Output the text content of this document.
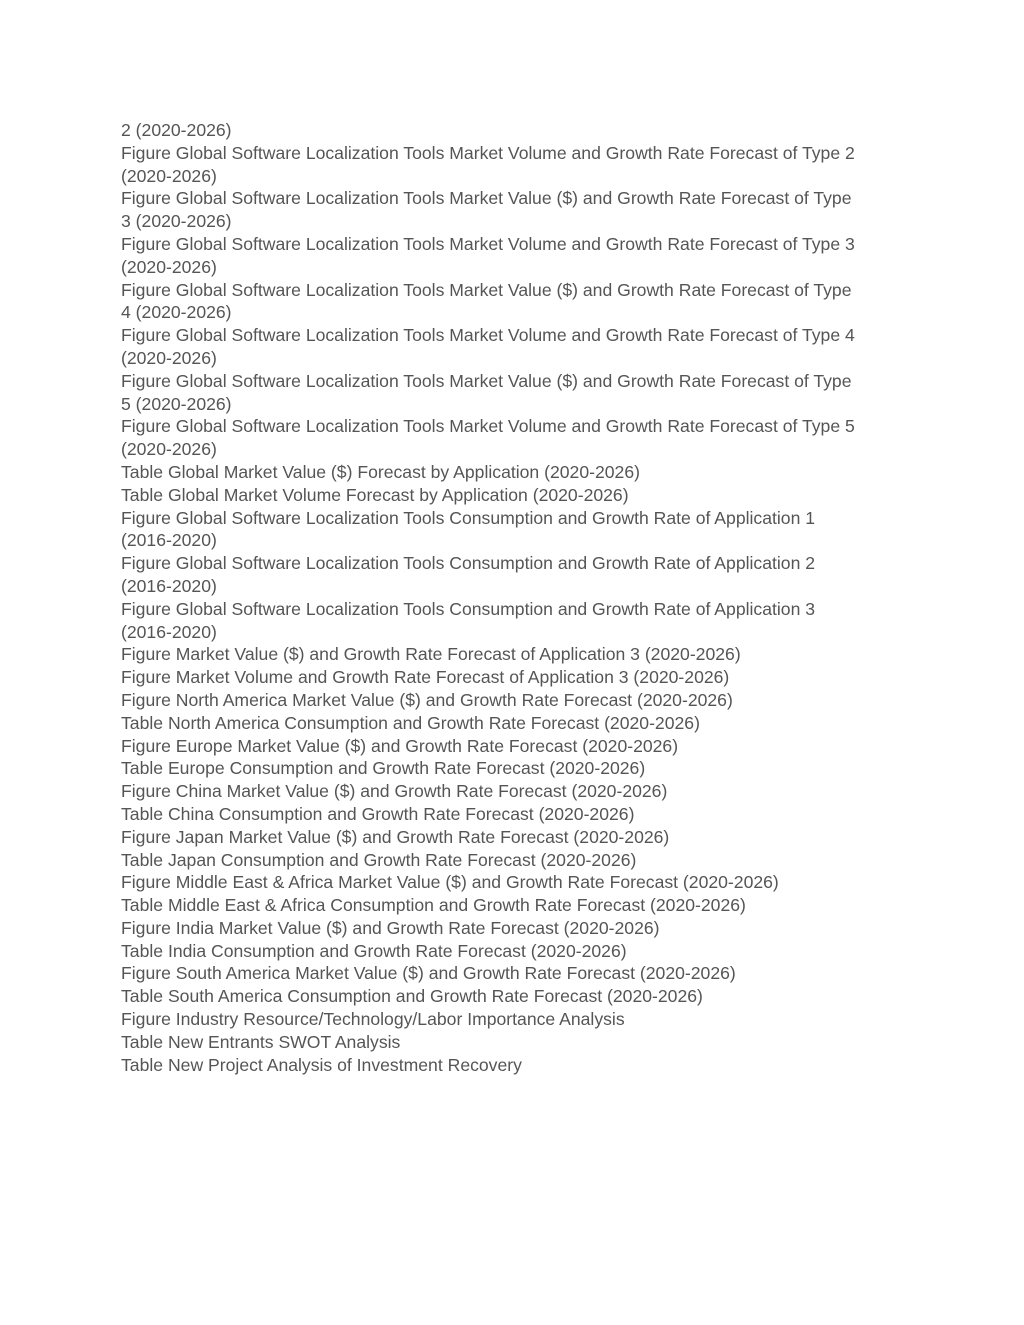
2 (2020-2026)
Figure Global Software Localization Tools Market Volume and Growth Rate Forecast of Type 2
(2020-2026)
Figure Global Software Localization Tools Market Value ($) and Growth Rate Forecast of Type
3 (2020-2026)
Figure Global Software Localization Tools Market Volume and Growth Rate Forecast of Type 3
(2020-2026)
Figure Global Software Localization Tools Market Value ($) and Growth Rate Forecast of Type
4 (2020-2026)
Figure Global Software Localization Tools Market Volume and Growth Rate Forecast of Type 4
(2020-2026)
Figure Global Software Localization Tools Market Value ($) and Growth Rate Forecast of Type
5 (2020-2026)
Figure Global Software Localization Tools Market Volume and Growth Rate Forecast of Type 5
(2020-2026)
Table Global Market Value ($) Forecast by Application (2020-2026)
Table Global Market Volume Forecast by Application (2020-2026)
Figure Global Software Localization Tools Consumption and Growth Rate of Application 1
(2016-2020)
Figure Global Software Localization Tools Consumption and Growth Rate of Application 2
(2016-2020)
Figure Global Software Localization Tools Consumption and Growth Rate of Application 3
(2016-2020)
Figure Market Value ($) and Growth Rate Forecast of Application 3 (2020-2026)
Figure Market Volume and Growth Rate Forecast of Application 3 (2020-2026)
Figure North America Market Value ($) and Growth Rate Forecast (2020-2026)
Table North America Consumption and Growth Rate Forecast (2020-2026)
Figure Europe Market Value ($) and Growth Rate Forecast (2020-2026)
Table Europe Consumption and Growth Rate Forecast (2020-2026)
Figure China Market Value ($) and Growth Rate Forecast (2020-2026)
Table China Consumption and Growth Rate Forecast (2020-2026)
Figure Japan Market Value ($) and Growth Rate Forecast (2020-2026)
Table Japan Consumption and Growth Rate Forecast (2020-2026)
Figure Middle East & Africa Market Value ($) and Growth Rate Forecast (2020-2026)
Table Middle East & Africa Consumption and Growth Rate Forecast (2020-2026)
Figure India Market Value ($) and Growth Rate Forecast (2020-2026)
Table India Consumption and Growth Rate Forecast (2020-2026)
Figure South America Market Value ($) and Growth Rate Forecast (2020-2026)
Table South America Consumption and Growth Rate Forecast (2020-2026)
Figure Industry Resource/Technology/Labor Importance Analysis
Table New Entrants SWOT Analysis
Table New Project Analysis of Investment Recovery
